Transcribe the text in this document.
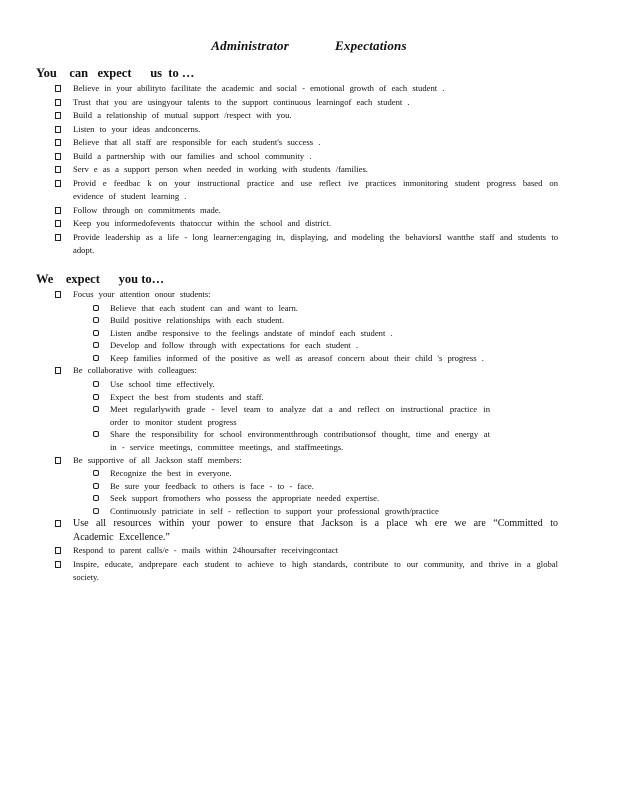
Administrator	Expectations
You    can   expect      us  to …
Believe in your abilityto facilitate the academic and social - emotional growth of each student .
Trust that you are usingyour talents to the support continuous learningof each student .
Build a relationship of mutual support /respect with you.
Listen to your ideas andconcerns.
Believe that all staff are responsible for each student's success .
Build a partnership with our families and school community .
Serv e as a support person when needed in working with students /families.
Provid e feedbac k on your instructional practice and use reflect ive practices inmonitoring student progress based on evidence of student learning .
Follow through on commitments made.
Keep you informedofevents thatoccur within the school and district.
Provide leadership as a life - long learner:engaging in, displaying, and modeling the behaviorsI wantthe staff and students to adopt.
We    expect      you to…
Focus your attention onour students:
Believe that each student can and want to learn.
Build positive relationships with each student.
Listen andbe responsive to the feelings andstate of mindof each student .
Develop and follow through with expectations for each student .
Keep families informed of the positive as well as areasof concern about their child 's progress .
Be collaborative with colleagues:
Use school time effectively.
Expect the best from students and staff.
Meet regularlywith grade - level team to analyze dat a and reflect on instructional practice in order to monitor student progress
Share the responsibility for school environmentthrough contributionsof thought, time and energy at in - service meetings, committee meetings, and staffmeetings.
Be supportive of all Jackson staff members:
Recognize the best in everyone.
Be sure your feedback to others is face - to - face.
Seek support fromothers who possess the appropriate needed expertise.
Continuously patriciate in self - reflection to support your professional growth/practice
Use all resources within your power to ensure that Jackson is a place wh ere we are “Committed to Academic Excellence.”
Respond to parent calls/e - mails within 24hoursafter receivingcontact
Inspire, educate, andprepare each student to achieve to high standards, contribute to our community, and thrive in a global society.
